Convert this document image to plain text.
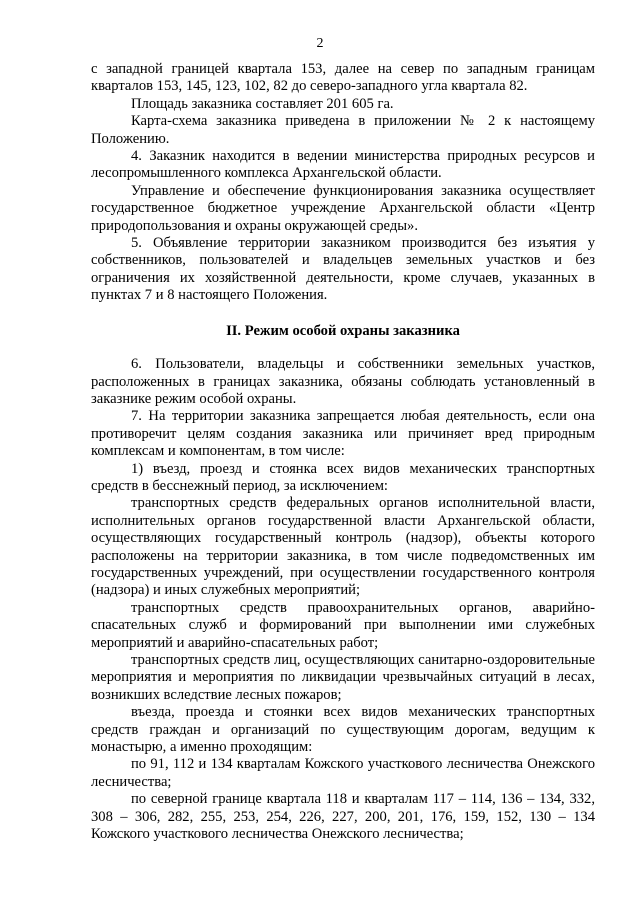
2

с западной границей квартала 153, далее на север по западным границам кварталов 153, 145, 123, 102, 82 до северо-западного угла квартала 82.

Площадь заказника составляет 201 605 га.

Карта-схема заказника приведена в приложении № 2 к настоящему Положению.

4. Заказник находится в ведении министерства природных ресурсов и лесопромышленного комплекса Архангельской области.

Управление и обеспечение функционирования заказника осуществляет государственное бюджетное учреждение Архангельской области «Центр природопользования и охраны окружающей среды».

5. Объявление территории заказником производится без изъятия у собственников, пользователей и владельцев земельных участков и без ограничения их хозяйственной деятельности, кроме случаев, указанных в пунктах 7 и 8 настоящего Положения.

II. Режим особой охраны заказника

6. Пользователи, владельцы и собственники земельных участков, расположенных в границах заказника, обязаны соблюдать установленный в заказнике режим особой охраны.

7. На территории заказника запрещается любая деятельность, если она противоречит целям создания заказника или причиняет вред природным комплексам и компонентам, в том числе:

1) въезд, проезд и стоянка всех видов механических транспортных средств в бесснежный период, за исключением:

транспортных средств федеральных органов исполнительной власти, исполнительных органов государственной власти Архангельской области, осуществляющих государственный контроль (надзор), объекты которого расположены на территории заказника, в том числе подведомственных им государственных учреждений, при осуществлении государственного контроля (надзора) и иных служебных мероприятий;

транспортных средств правоохранительных органов, аварийно-спасательных служб и формирований при выполнении ими служебных мероприятий и аварийно-спасательных работ;

транспортных средств лиц, осуществляющих санитарно-оздоровительные мероприятия и мероприятия по ликвидации чрезвычайных ситуаций в лесах, возникших вследствие лесных пожаров;

въезда, проезда и стоянки всех видов механических транспортных средств граждан и организаций по существующим дорогам, ведущим к монастырю, а именно проходящим:

по 91, 112 и 134 кварталам Кожского участкового лесничества Онежского лесничества;

по северной границе квартала 118 и кварталам 117 – 114, 136 – 134, 332, 308 – 306, 282, 255, 253, 254, 226, 227, 200, 201, 176, 159, 152, 130 – 134 Кожского участкового лесничества Онежского лесничества;
